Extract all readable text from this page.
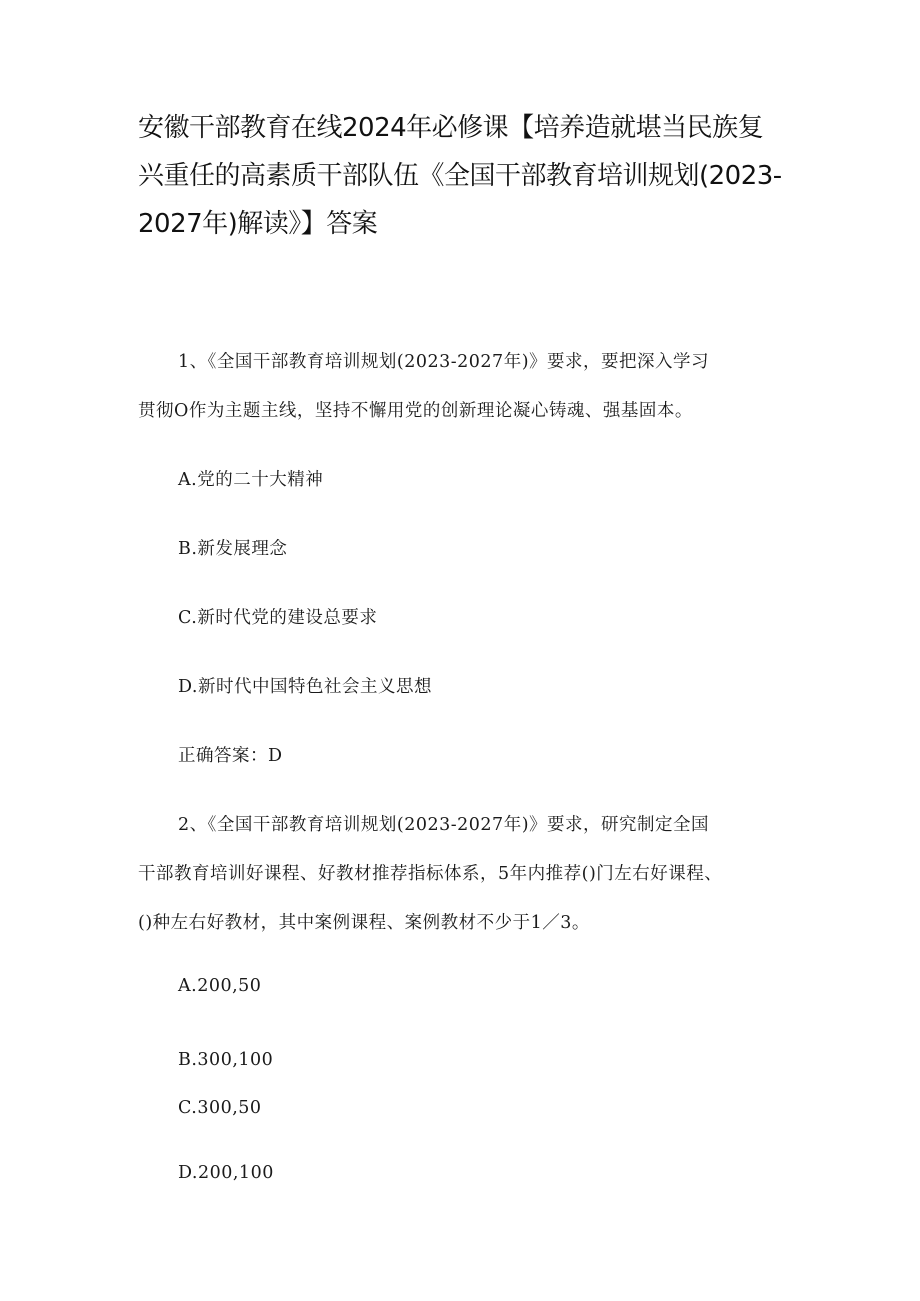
安徽干部教育在线2024年必修课【培养造就堪当民族复
兴重任的高素质干部队伍《全国干部教育培训规划(2023-
2027年)解读》】答案
1、《全国干部教育培训规划(2023-2027年)》要求，要把深入学习
贯彻O作为主题主线，坚持不懈用党的创新理论凝心铸魂、强基固本。
A.党的二十大精神
B.新发展理念
C.新时代党的建设总要求
D.新时代中国特色社会主义思想
正确答案：D
2、《全国干部教育培训规划(2023-2027年)》要求，研究制定全国
干部教育培训好课程、好教材推荐指标体系，5年内推荐()门左右好课程、
()种左右好教材，其中案例课程、案例教材不少于1／3。
A.200,50
B.300,100
C.300,50
D.200,100
